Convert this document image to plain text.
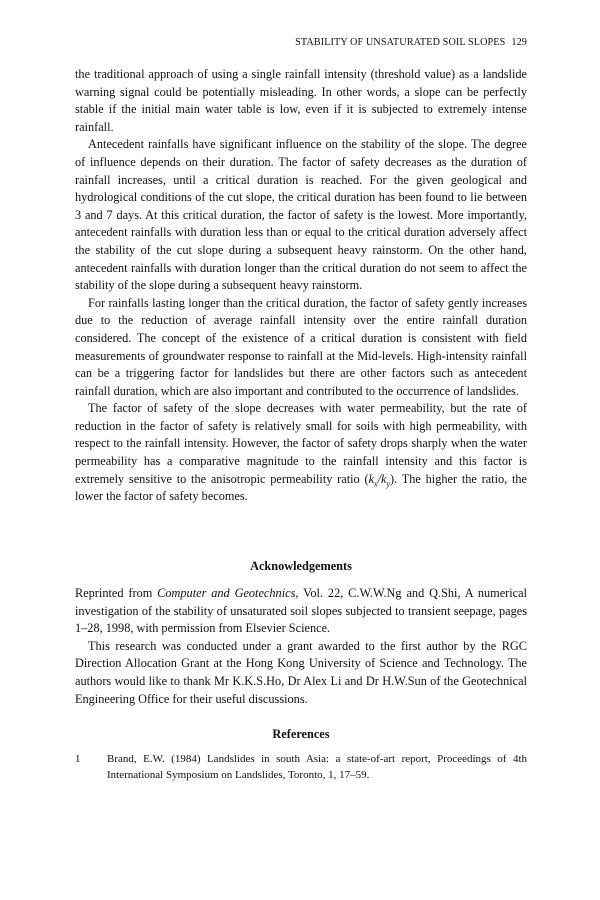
STABILITY OF UNSATURATED SOIL SLOPES 129

the traditional approach of using a single rainfall intensity (threshold value) as a landslide warning signal could be potentially misleading. In other words, a slope can be perfectly stable if the initial main water table is low, even if it is subjected to extremely intense rainfall.

Antecedent rainfalls have significant influence on the stability of the slope. The degree of influence depends on their duration. The factor of safety decreases as the duration of rainfall increases, until a critical duration is reached. For the given geological and hydrological conditions of the cut slope, the critical duration has been found to lie between 3 and 7 days. At this critical duration, the factor of safety is the lowest. More importantly, antecedent rainfalls with duration less than or equal to the critical duration adversely affect the stability of the cut slope during a subsequent heavy rainstorm. On the other hand, antecedent rainfalls with duration longer than the critical duration do not seem to affect the stability of the slope during a subsequent heavy rainstorm.

For rainfalls lasting longer than the critical duration, the factor of safety gently increases due to the reduction of average rainfall intensity over the entire rainfall duration considered. The concept of the existence of a critical duration is consistent with field measurements of groundwater response to rainfall at the Mid-levels. High-intensity rainfall can be a triggering factor for landslides but there are other factors such as antecedent rainfall duration, which are also important and contributed to the occurrence of landslides.

The factor of safety of the slope decreases with water permeability, but the rate of reduction in the factor of safety is relatively small for soils with high permeability, with respect to the rainfall intensity. However, the factor of safety drops sharply when the water permeability has a comparative magnitude to the rainfall intensity and this factor is extremely sensitive to the anisotropic permeability ratio $(k_x/k_y)$. The higher the ratio, the lower the factor of safety becomes.

Acknowledgements

Reprinted from Computer and Geotechnics, Vol. 22, C.W.W.Ng and Q.Shi, A numerical investigation of the stability of unsaturated soil slopes subjected to transient seepage, pages 1–28, 1998, with permission from Elsevier Science.

This research was conducted under a grant awarded to the first author by the RGC Direction Allocation Grant at the Hong Kong University of Science and Technology. The authors would like to thank Mr K.K.S.Ho, Dr Alex Li and Dr H.W.Sun of the Geotechnical Engineering Office for their useful discussions.

References
1	Brand, E.W. (1984) Landslides in south Asia: a state-of-art report, Proceedings of 4th International Symposium on Landslides, Toronto, 1, 17–59.
